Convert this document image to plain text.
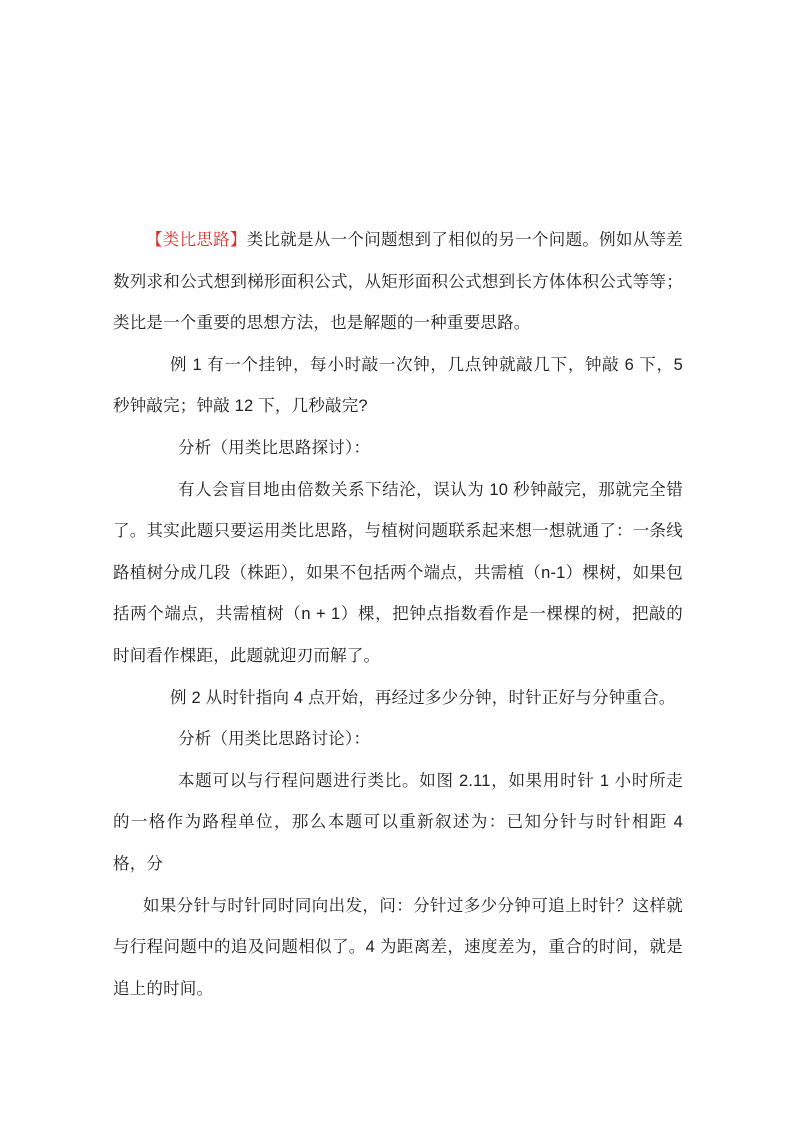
【类比思路】类比就是从一个问题想到了相似的另一个问题。例如从等差数列求和公式想到梯形面积公式，从矩形面积公式想到长方体体积公式等等；类比是一个重要的思想方法，也是解题的一种重要思路。

例 1 有一个挂钟，每小时敲一次钟，几点钟就敲几下，钟敲 6 下，5 秒钟敲完；钟敲 12 下，几秒敲完?

分析（用类比思路探讨）：

有人会盲目地由倍数关系下结沦，误认为 10 秒钟敲完，那就完全错了。其实此题只要运用类比思路，与植树问题联系起来想一想就通了：一条线路植树分成几段（株距），如果不包括两个端点，共需植（n-1）棵树，如果包括两个端点，共需植树（n + 1）棵，把钟点指数看作是一棵棵的树，把敲的时间看作棵距，此题就迎刃而解了。

例 2 从时针指向 4 点开始，再经过多少分钟，时针正好与分钟重合。

分析（用类比思路讨论）：

本题可以与行程问题进行类比。如图 2.11，如果用时针 1 小时所走的一格作为路程单位，那么本题可以重新叙述为：已知分针与时针相距 4 格，分

如果分针与时针同时同向出发，问：分针过多少分钟可追上时针？这样就与行程问题中的追及问题相似了。4 为距离差，速度差为，重合的时间，就是追上的时间。
